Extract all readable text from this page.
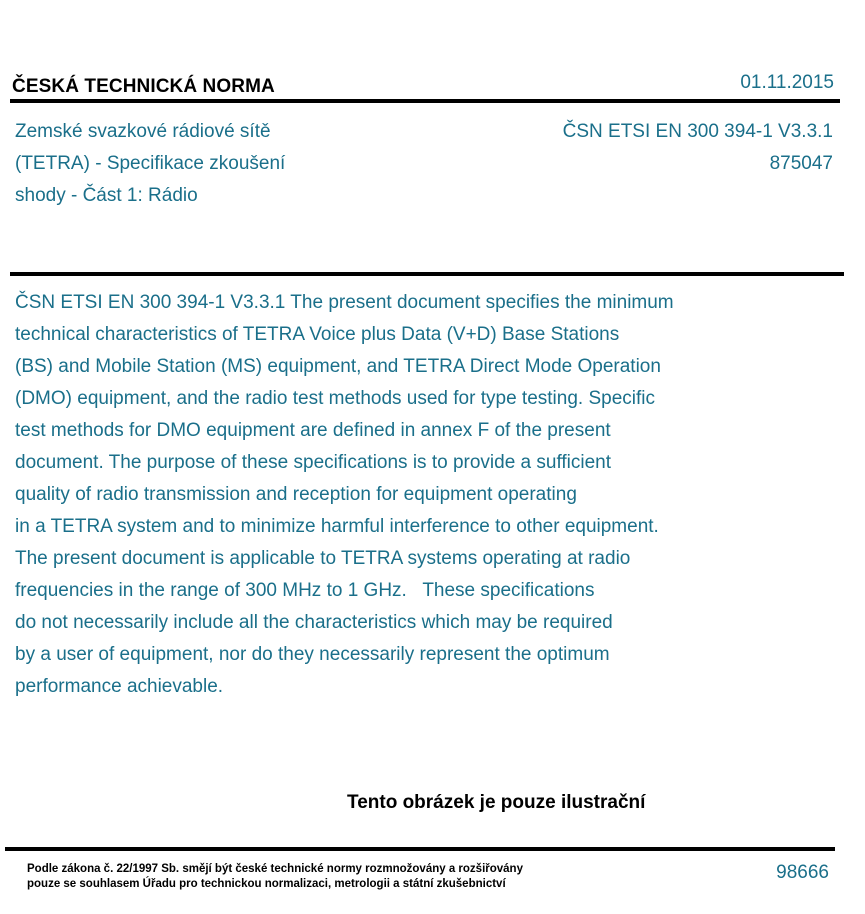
ČESKÁ TECHNICKÁ NORMA	01.11.2015
Zemské svazkové rádiové sítě
(TETRA) - Specifikace zkoušení
shody - Část 1: Rádio
ČSN ETSI EN 300 394-1 V3.3.1
875047
ČSN ETSI EN 300 394-1 V3.3.1 The present document specifies the minimum
technical characteristics of TETRA Voice plus Data (V+D) Base Stations
(BS) and Mobile Station (MS) equipment, and TETRA Direct Mode Operation
(DMO) equipment, and the radio test methods used for type testing. Specific
test methods for DMO equipment are defined in annex F of the present
document. The purpose of these specifications is to provide a sufficient
quality of radio transmission and reception for equipment operating
in a TETRA system and to minimize harmful interference to other equipment.
The present document is applicable to TETRA systems operating at radio
frequencies in the range of 300 MHz to 1 GHz.   These specifications
do not necessarily include all the characteristics which may be required
by a user of equipment, nor do they necessarily represent the optimum
performance achievable.
Tento obrázek je pouze ilustrační
Podle zákona č. 22/1997 Sb. smějí být české technické normy rozmnožovány a rozšiřovány
pouze se souhlasem Úřadu pro technickou normalizaci, metrologii a státní zkušebnictví
98666
